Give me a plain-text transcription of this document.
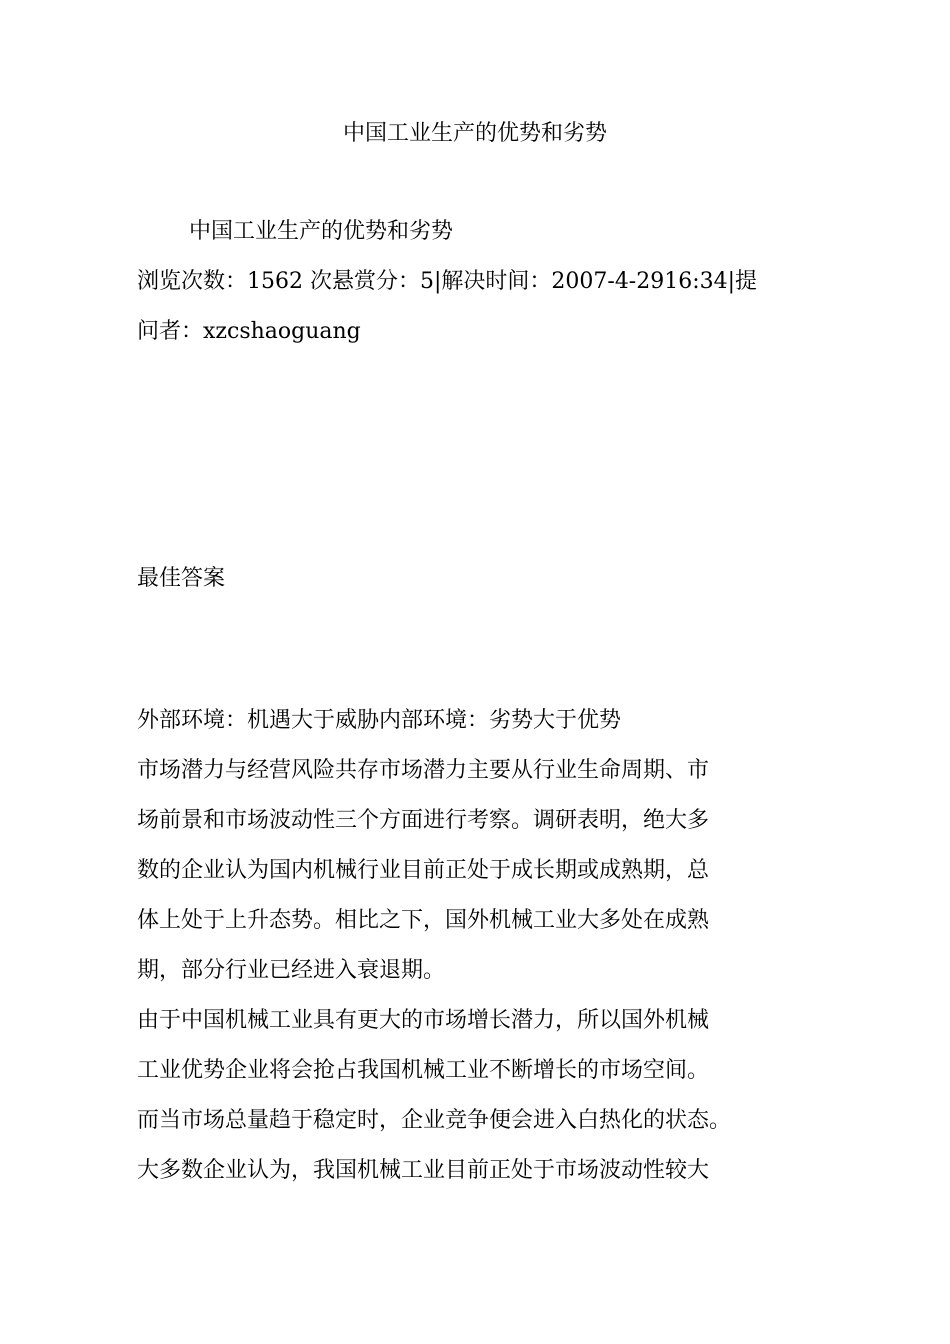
中国工业生产的优势和劣势
中国工业生产的优势和劣势
浏览次数：1562 次悬赏分：5|解决时间：2007-4-2916:34|提
问者：xzcshaoguang
最佳答案
外部环境：机遇大于威胁内部环境：劣势大于优势
市场潜力与经营风险共存市场潜力主要从行业生命周期、市
场前景和市场波动性三个方面进行考察。调研表明，绝大多
数的企业认为国内机械行业目前正处于成长期或成熟期，总
体上处于上升态势。相比之下，国外机械工业大多处在成熟
期，部分行业已经进入衰退期。
由于中国机械工业具有更大的市场增长潜力，所以国外机械
工业优势企业将会抢占我国机械工业不断增长的市场空间。
而当市场总量趋于稳定时，企业竞争便会进入白热化的状态。
大多数企业认为，我国机械工业目前正处于市场波动性较大
